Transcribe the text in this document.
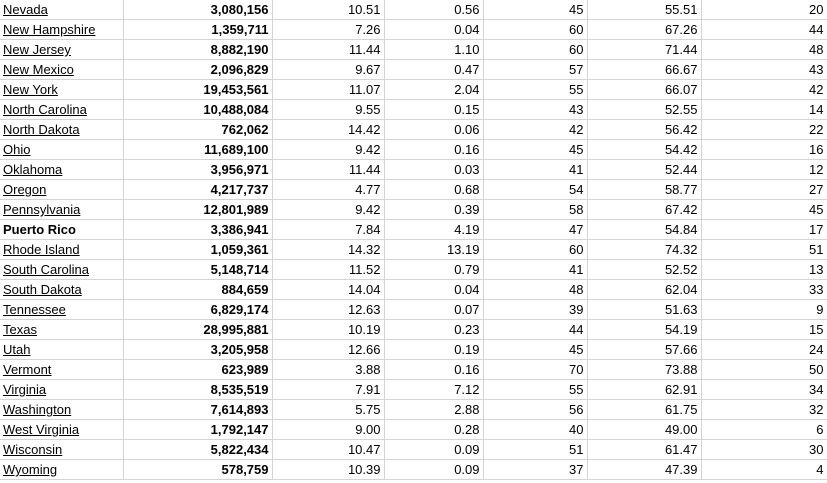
Nevada	3,080,156	10.51	0.56	45	55.51	20
New Hampshire	1,359,711	7.26	0.04	60	67.26	44
New Jersey	8,882,190	11.44	1.10	60	71.44	48
New Mexico	2,096,829	9.67	0.47	57	66.67	43
New York	19,453,561	11.07	2.04	55	66.07	42
North Carolina	10,488,084	9.55	0.15	43	52.55	14
North Dakota	762,062	14.42	0.06	42	56.42	22
Ohio	11,689,100	9.42	0.16	45	54.42	16
Oklahoma	3,956,971	11.44	0.03	41	52.44	12
Oregon	4,217,737	4.77	0.68	54	58.77	27
Pennsylvania	12,801,989	9.42	0.39	58	67.42	45
Puerto Rico	3,386,941	7.84	4.19	47	54.84	17
Rhode Island	1,059,361	14.32	13.19	60	74.32	51
South Carolina	5,148,714	11.52	0.79	41	52.52	13
South Dakota	884,659	14.04	0.04	48	62.04	33
Tennessee	6,829,174	12.63	0.07	39	51.63	9
Texas	28,995,881	10.19	0.23	44	54.19	15
Utah	3,205,958	12.66	0.19	45	57.66	24
Vermont	623,989	3.88	0.16	70	73.88	50
Virginia	8,535,519	7.91	7.12	55	62.91	34
Washington	7,614,893	5.75	2.88	56	61.75	32
West Virginia	1,792,147	9.00	0.28	40	49.00	6
Wisconsin	5,822,434	10.47	0.09	51	61.47	30
Wyoming	578,759	10.39	0.09	37	47.39	4
